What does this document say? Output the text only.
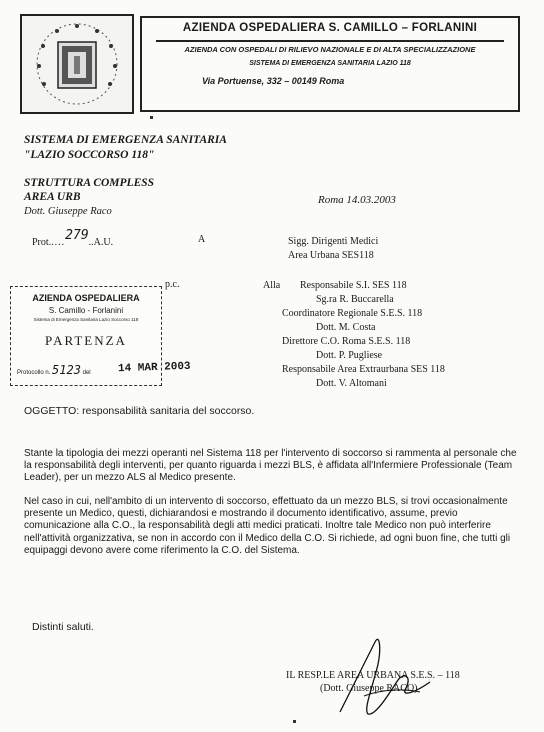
AZIENDA OSPEDALIERA S. CAMILLO – FORLANINI
AZIENDA CON OSPEDALI DI RILIEVO NAZIONALE E DI ALTA SPECIALIZZAZIONE
SISTEMA DI EMERGENZA SANITARIA LAZIO 118
Via Portuense, 332 – 00149 Roma
SISTEMA DI EMERGENZA SANITARIA
"LAZIO SOCCORSO 118"
STRUTTURA COMPLESS
AREA URB
Dott. Giuseppe Raco
Roma 14.03.2003
Prot.....279..A.U.	A	Sigg. Dirigenti Medici
Area Urbana SES118
p.c.	Alla Responsabile S.I. SES 118
Sg.ra R. Buccarella
Coordinatore Regionale S.E.S. 118
Dott. M. Costa
Direttore C.O. Roma S.E.S. 118
Dott. P. Pugliese
Responsabile Area Extraurbana SES 118
Dott. V. Altomani
AZIENDA OSPEDALIERA
S. Camillo - Forlanini
Sistema di Emergenza Sanitaria Lazio Soccorso 118
PARTENZA
Protocollo n. 5123 del	14 MAR 2003
OGGETTO: responsabilità sanitaria del soccorso.
Stante la tipologia dei mezzi operanti nel Sistema 118 per l'intervento di soccorso si rammenta al personale che la responsabilità degli interventi, per quanto riguarda i mezzi BLS, è affidata all'Infermiere Professionale (Team Leader), per un mezzo ALS al Medico presente.
Nel caso in cui, nell'ambito di un intervento di soccorso, effettuato da un mezzo BLS, si trovi occasionalmente presente un Medico, questi, dichiarandosi e mostrando il documento identificativo, assume, previo comunicazione alla C.O., la responsabilità degli atti medici praticati. Inoltre tale Medico non può interferire nell'attività organizzativa, se non in accordo con il Medico della C.O. Si richiede, ad ogni buon fine, che tutti gli equipaggi devono avere come riferimento la C.O. del Sistema.
Distinti saluti.
IL RESP.LE AREA URBANA S.E.S. – 118
(Dott. Giuseppe RACO)
